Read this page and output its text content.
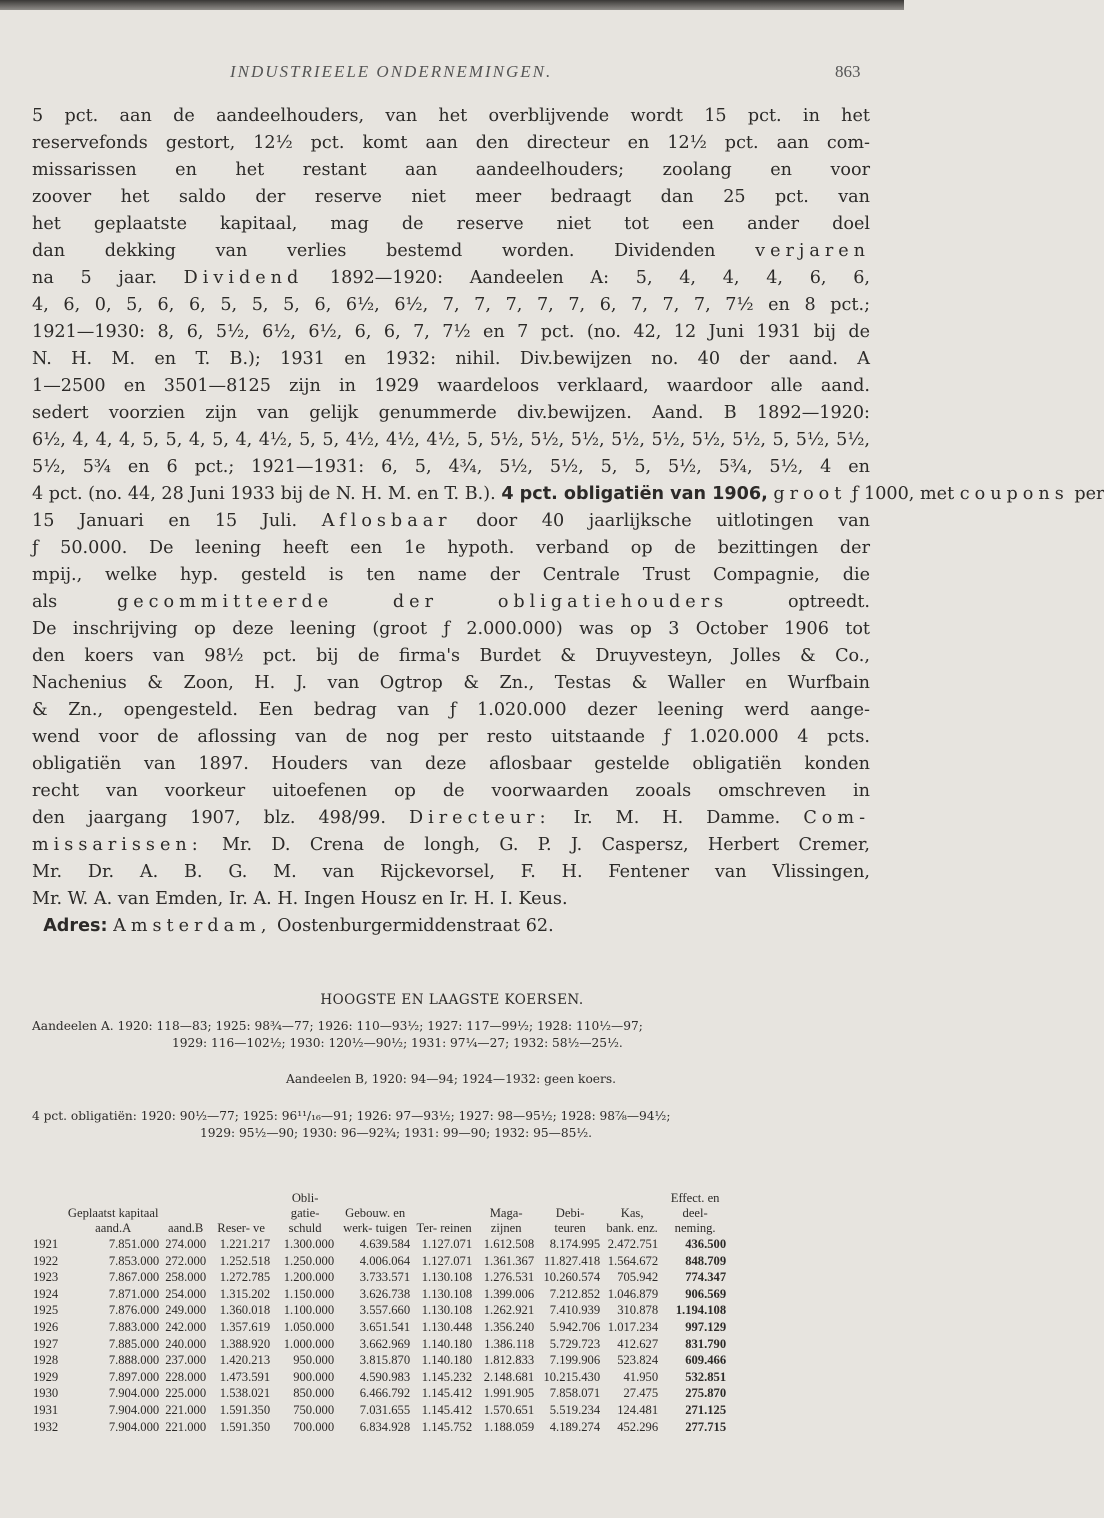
INDUSTRIEELE ONDERNEMINGEN.	863
5 pct. aan de aandeelhouders, van het overblijvende wordt 15 pct. in het
reservefonds gestort, 12½ pct. komt aan den directeur en 12½ pct. aan com-
missarissen en het restant aan aandeelhouders; zoolang en voor
zoover het saldo der reserve niet meer bedraagt dan 25 pct. van
het geplaatste kapitaal, mag de reserve niet tot een ander doel
dan dekking van verlies bestemd worden. Dividenden verjaren
na 5 jaar. Dividend 1892—1920: Aandeelen A: 5, 4, 4, 4, 6, 6,
4, 6, 0, 5, 6, 6, 5, 5, 5, 6, 6½, 6½, 7, 7, 7, 7, 7, 6, 7, 7, 7, 7½ en 8 pct.;
1921—1930: 8, 6, 5½, 6½, 6½, 6, 6, 7, 7½ en 7 pct. (no. 42, 12 Juni 1931 bij de
N. H. M. en T. B.); 1931 en 1932: nihil. Div.bewijzen no. 40 der aand. A
1—2500 en 3501—8125 zijn in 1929 waardeloos verklaard, waardoor alle aand.
sedert voorzien zijn van gelijk genummerde div.bewijzen. Aand. B 1892—1920:
6½, 4, 4, 4, 5, 5, 4, 5, 4, 4½, 5, 5, 4½, 4½, 4½, 5, 5½, 5½, 5½, 5½, 5½, 5½, 5½, 5, 5½, 5½,
5½, 5¾ en 6 pct.; 1921—1931: 6, 5, 4¾, 5½, 5½, 5, 5, 5½, 5¾, 5½, 4 en
4 pct. (no. 44, 28 Juni 1933 bij de N. H. M. en T. B.). 4 pct. obligatiën van 1906, groot ƒ 1000, met coupons per
15 Januari en 15 Juli. Aflosbaar door 40 jaarlijksche uitlotingen van
ƒ 50.000. De leening heeft een 1e hypoth. verband op de bezittingen der
mpij., welke hyp. gesteld is ten name der Centrale Trust Compagnie, die
als	gecommitteerde	der	obligatiehouders optreedt.
De inschrijving op deze leening (groot ƒ 2.000.000) was op 3 October 1906 tot
den koers van 98½ pct. bij de firma's Burdet & Druyvesteyn, Jolles & Co.,
Nachenius & Zoon, H. J. van Ogtrop & Zn., Testas & Waller en Wurfbain
& Zn., opengesteld. Een bedrag van ƒ 1.020.000 dezer leening werd aange-
wend voor de aflossing van de nog per resto uitstaande ƒ 1.020.000 4 pcts.
obligatiën van 1897. Houders van deze aflosbaar gestelde obligatiën konden
recht van voorkeur uitoefenen op de voorwaarden zooals omschreven in
den jaargang 1907, blz. 498/99. Directeur: Ir. M. H. Damme. Com-
missarissen: Mr. D. Crena de longh, G. P. J. Caspersz, Herbert Cremer,
Mr. Dr. A. B. G. M. van Rijckevorsel, F. H. Fentener van Vlissingen,
Mr. W. A. van Emden, Ir. A. H. Ingen Housz en Ir. H. I. Keus.
Adres: Amsterdam, Oostenburgermiddenstraat 62.
HOOGSTE EN LAAGSTE KOERSEN.
Aandeelen A. 1920: 118—83; 1925: 98¾—77; 1926: 110—93½; 1927: 117—99½; 1928: 110½—97;
1929: 116—102½; 1930: 120½—90½; 1931: 97¼—27; 1932: 58½—25½.
Aandeelen B, 1920: 94—94; 1924—1932: geen koers.
4 pct. obligatiën: 1920: 90½—77; 1925: 96¹¹/₁₆—91; 1926: 97—93½; 1927: 98—95½; 1928: 98⅞—94½;
1929: 95½—90; 1930: 96—92¾; 1931: 99—90; 1932: 95—85½.
	Geplaatst kapitaal aand.A	aand.B	Reser- ve	Obli- gatie- schuld	Gebouw. en werk- tuigen	Ter- reinen	Maga- zijnen	Debi- teuren	Kas, bank. enz.	Effect. en deel- neming.
1921	7.851.000	274.000	1.221.217	1.300.000	4.639.584	1.127.071	1.612.508	8.174.995	2.472.751	436.500
1922	7.853.000	272.000	1.252.518	1.250.000	4.006.064	1.127.071	1.361.367	11.827.418	1.564.672	848.709
1923	7.867.000	258.000	1.272.785	1.200.000	3.733.571	1.130.108	1.276.531	10.260.574	705.942	774.347
1924	7.871.000	254.000	1.315.202	1.150.000	3.626.738	1.130.108	1.399.006	7.212.852	1.046.879	906.569
1925	7.876.000	249.000	1.360.018	1.100.000	3.557.660	1.130.108	1.262.921	7.410.939	310.878	1.194.108
1926	7.883.000	242.000	1.357.619	1.050.000	3.651.541	1.130.448	1.356.240	5.942.706	1.017.234	997.129
1927	7.885.000	240.000	1.388.920	1.000.000	3.662.969	1.140.180	1.386.118	5.729.723	412.627	831.790
1928	7.888.000	237.000	1.420.213	950.000	3.815.870	1.140.180	1.812.833	7.199.906	523.824	609.466
1929	7.897.000	228.000	1.473.591	900.000	4.590.983	1.145.232	2.148.681	10.215.430	41.950	532.851
1930	7.904.000	225.000	1.538.021	850.000	6.466.792	1.145.412	1.991.905	7.858.071	27.475	275.870
1931	7.904.000	221.000	1.591.350	750.000	7.031.655	1.145.412	1.570.651	5.519.234	124.481	271.125
1932	7.904.000	221.000	1.591.350	700.000	6.834.928	1.145.752	1.188.059	4.189.274	452.296	277.715
